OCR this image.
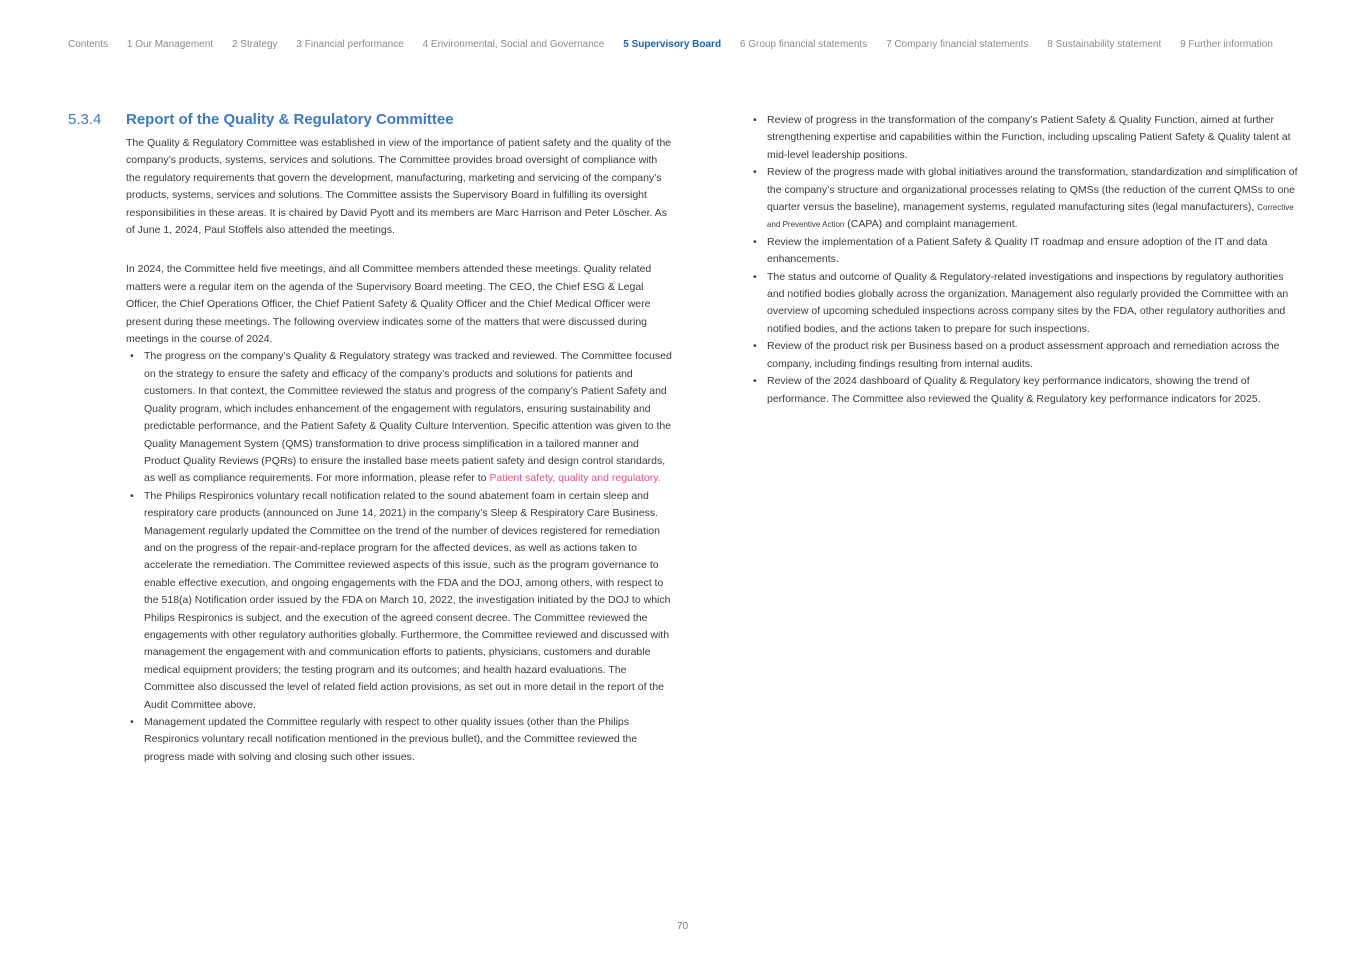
Contents 1 Our Management 2 Strategy 3 Financial performance 4 Environmental, Social and Governance 5 Supervisory Board 6 Group financial statements 7 Company financial statements 8 Sustainability statement 9 Further information
5.3.4	Report of the Quality & Regulatory Committee

The Quality & Regulatory Committee was established in view of the importance of patient safety and the quality of the company’s products, systems, services and solutions. The Committee provides broad oversight of compliance with the regulatory requirements that govern the development, manufacturing, marketing and servicing of the company’s products, systems, services and solutions. The Committee assists the Supervisory Board in fulfilling its oversight responsibilities in these areas. It is chaired by David Pyott and its members are Marc Harrison and Peter Löscher. As of June 1, 2024, Paul Stoffels also attended the meetings.

In 2024, the Committee held five meetings, and all Committee members attended these meetings. Quality related matters were a regular item on the agenda of the Supervisory Board meeting. The CEO, the Chief ESG & Legal Officer, the Chief Operations Officer, the Chief Patient Safety & Quality Officer and the Chief Medical Officer were present during these meetings. The following overview indicates some of the matters that were discussed during meetings in the course of 2024.

• The progress on the company’s Quality & Regulatory strategy was tracked and reviewed. The Committee focused on the strategy to ensure the safety and efficacy of the company’s products and solutions for patients and customers. In that context, the Committee reviewed the status and progress of the company’s Patient Safety and Quality program, which includes enhancement of the engagement with regulators, ensuring sustainability and predictable performance, and the Patient Safety & Quality Culture Intervention. Specific attention was given to the Quality Management System (QMS) transformation to drive process simplification in a tailored manner and Product Quality Reviews (PQRs) to ensure the installed base meets patient safety and design control standards, as well as compliance requirements. For more information, please refer to Patient safety, quality and regulatory.
• The Philips Respironics voluntary recall notification related to the sound abatement foam in certain sleep and respiratory care products (announced on June 14, 2021) in the company’s Sleep & Respiratory Care Business. Management regularly updated the Committee on the trend of the number of devices registered for remediation and on the progress of the repair-and-replace program for the affected devices, as well as actions taken to accelerate the remediation. The Committee reviewed aspects of this issue, such as the program governance to enable effective execution, and ongoing engagements with the FDA and the DOJ, among others, with respect to the 518(a) Notification order issued by the FDA on March 10, 2022, the investigation initiated by the DOJ to which Philips Respironics is subject, and the execution of the agreed consent decree. The Committee reviewed the engagements with other regulatory authorities globally. Furthermore, the Committee reviewed and discussed with management the engagement with and communication efforts to patients, physicians, customers and durable medical equipment providers; the testing program and its outcomes; and health hazard evaluations. The Committee also discussed the level of related field action provisions, as set out in more detail in the report of the Audit Committee above.
• Management updated the Committee regularly with respect to other quality issues (other than the Philips Respironics voluntary recall notification mentioned in the previous bullet), and the Committee reviewed the progress made with solving and closing such other issues.
• Review of progress in the transformation of the company’s Patient Safety & Quality Function, aimed at further strengthening expertise and capabilities within the Function, including upscaling Patient Safety & Quality talent at mid-level leadership positions.
• Review of the progress made with global initiatives around the transformation, standardization and simplification of the company’s structure and organizational processes relating to QMSs (the reduction of the current QMSs to one quarter versus the baseline), management systems, regulated manufacturing sites (legal manufacturers), Corrective and Preventive Action (CAPA) and complaint management.
• Review the implementation of a Patient Safety & Quality IT roadmap and ensure adoption of the IT and data enhancements.
• The status and outcome of Quality & Regulatory-related investigations and inspections by regulatory authorities and notified bodies globally across the organization. Management also regularly provided the Committee with an overview of upcoming scheduled inspections across company sites by the FDA, other regulatory authorities and notified bodies, and the actions taken to prepare for such inspections.
• Review of the product risk per Business based on a product assessment approach and remediation across the company, including findings resulting from internal audits.
• Review of the 2024 dashboard of Quality & Regulatory key performance indicators, showing the trend of performance. The Committee also reviewed the Quality & Regulatory key performance indicators for 2025.
70
